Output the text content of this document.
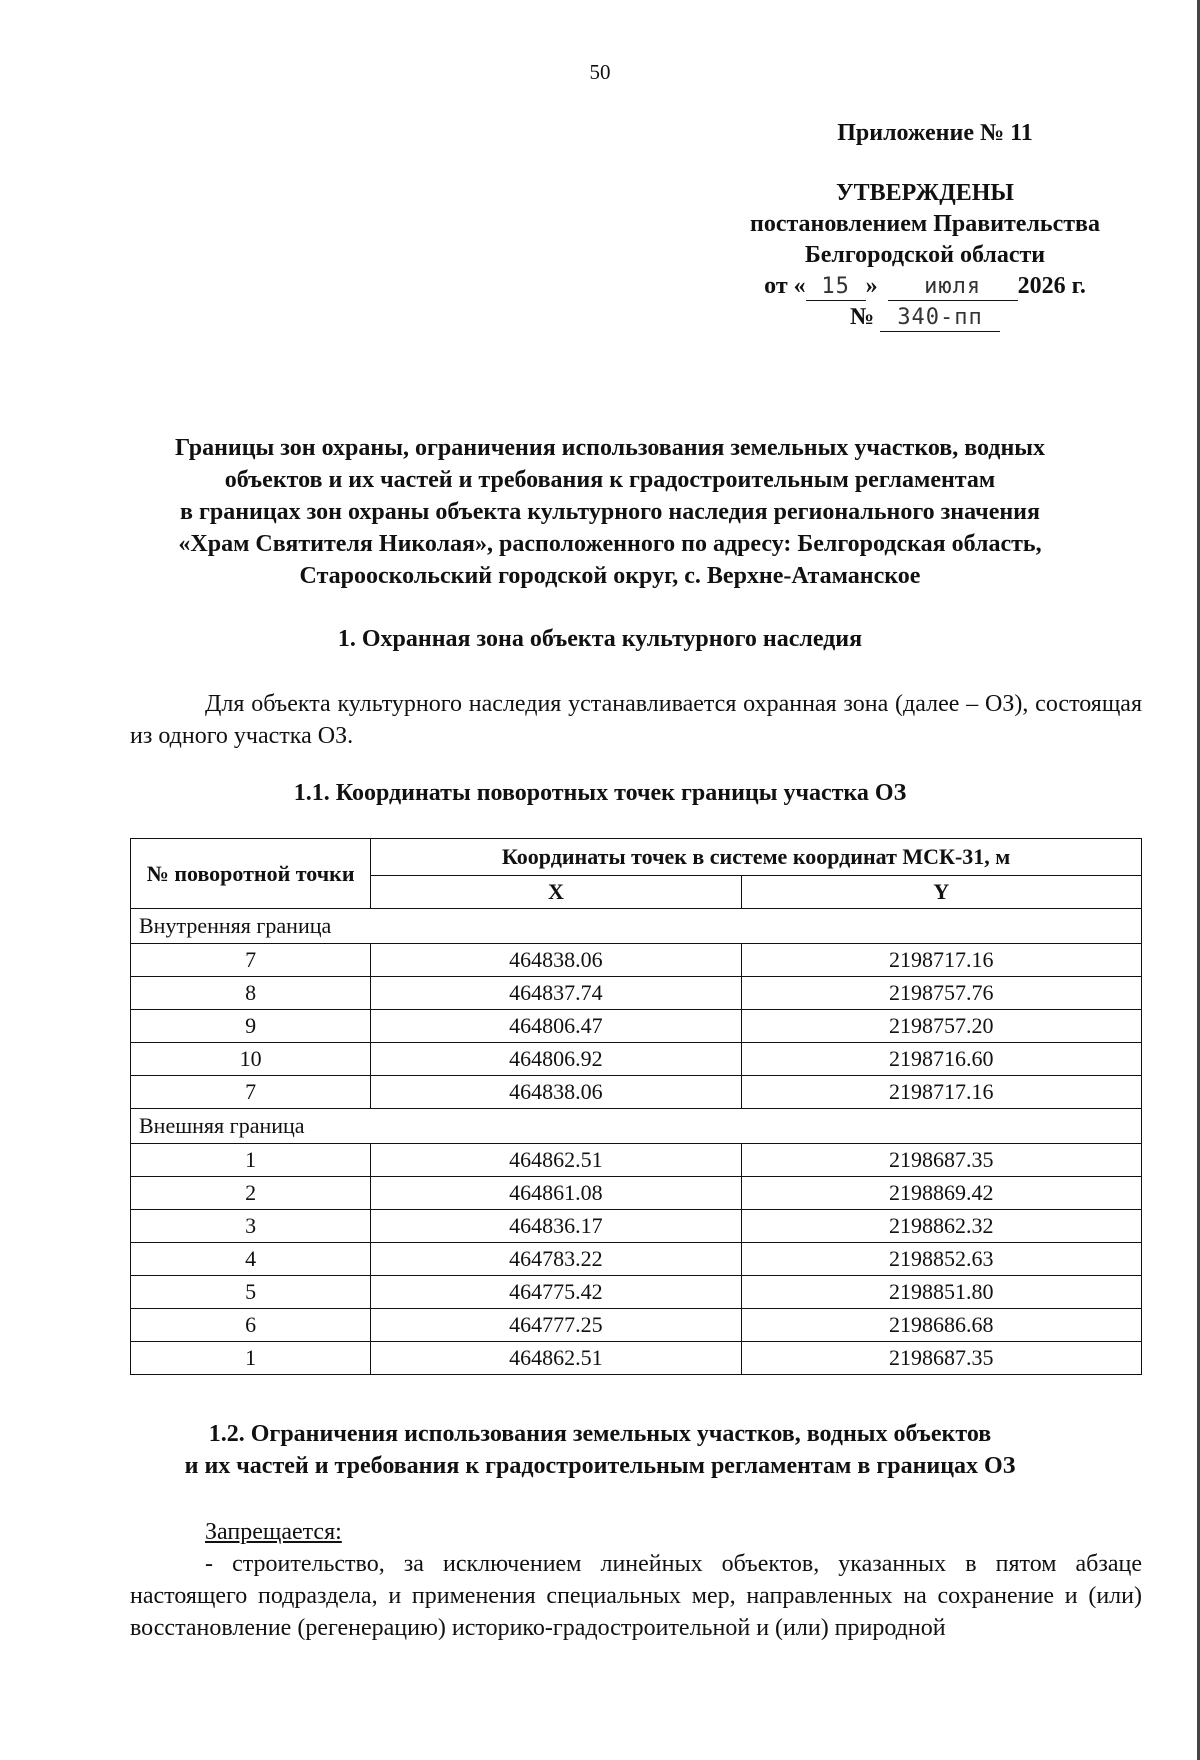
50
Приложение № 11
УТВЕРЖДЕНЫ
постановлением Правительства
Белгородской области
от « 15 » июля 2026 г.
№ 340-пп
Границы зон охраны, ограничения использования земельных участков, водных
объектов и их частей и требования к градостроительным регламентам
в границах зон охраны объекта культурного наследия регионального значения
«Храм Святителя Николая», расположенного по адресу: Белгородская область,
Старооскольский городской округ, с. Верхне-Атаманское
1. Охранная зона объекта культурного наследия
Для объекта культурного наследия устанавливается охранная зона (далее – ОЗ), состоящая из одного участка ОЗ.
1.1. Координаты поворотных точек границы участка ОЗ
№ поворотной точки	Координаты точек в системе координат МСК-31, м	
	X	Y
Внутренняя граница		
7	464838.06	2198717.16
8	464837.74	2198757.76
9	464806.47	2198757.20
10	464806.92	2198716.60
7	464838.06	2198717.16
Внешняя граница		
1	464862.51	2198687.35
2	464861.08	2198869.42
3	464836.17	2198862.32
4	464783.22	2198852.63
5	464775.42	2198851.80
6	464777.25	2198686.68
1	464862.51	2198687.35
1.2. Ограничения использования земельных участков, водных объектов
и их частей и требования к градостроительным регламентам в границах ОЗ
Запрещается:
- строительство, за исключением линейных объектов, указанных в пятом абзаце настоящего подраздела, и применения специальных мер, направленных на сохранение и (или) восстановление (регенерацию) историко-градостроительной и (или) природной
